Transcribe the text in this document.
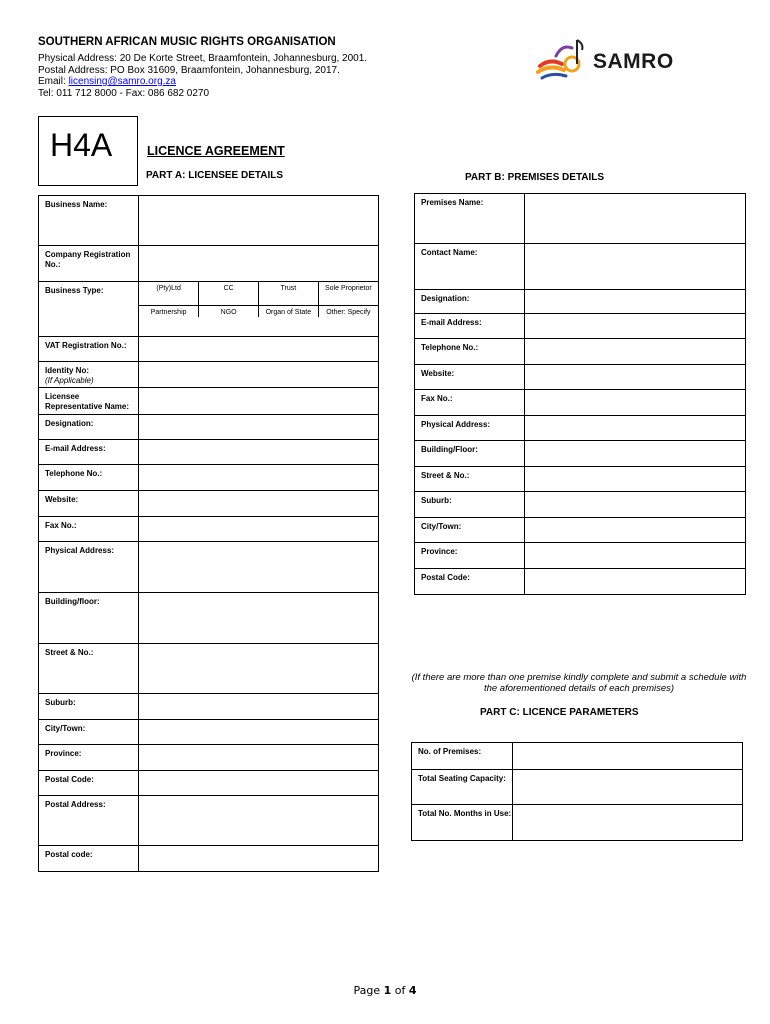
SOUTHERN AFRICAN MUSIC RIGHTS ORGANISATION
Physical Address: 20 De Korte Street, Braamfontein, Johannesburg, 2001.
Postal Address: PO Box 31609, Braamfontein, Johannesburg, 2017.
Email: licensing@samro.org.za
Tel: 011 712 8000 - Fax: 086 682 0270
SAMRO
H4A	LICENCE AGREEMENT
PART A: LICENSEE DETAILS	PART B: PREMISES DETAILS
Business Name:	
Company Registration No.:	
Business Type:		(Pty)Ltd	CC	Trust	Sole Proprietor
Partnership	NGO	Organ of State	Other: Specify

VAT Registration No.:	
Identity No:
(If Applicable)	
Licensee Representative Name:	
Designation:	
E-mail Address:	
Telephone No.:	
Website:	
Fax No.:	
Physical Address:	
Building/floor:	
Street & No.:	
Suburb:	
City/Town:	
Province:	
Postal Code:	
Postal Address:	
Postal code:	
Premises Name:	
Contact Name:	
Designation:	
E-mail Address:	
Telephone No.:	
Website:	
Fax No.:	
Physical Address:	
Building/Floor:	
Street & No.:	
Suburb:	
City/Town:	
Province:	
Postal Code:	
(If there are more than one premise kindly complete and submit a schedule with the aforementioned details of each premises)
PART C: LICENCE PARAMETERS
No. of Premises:	
Total Seating Capacity:	
Total No. Months in Use:	
Page 1 of 4
